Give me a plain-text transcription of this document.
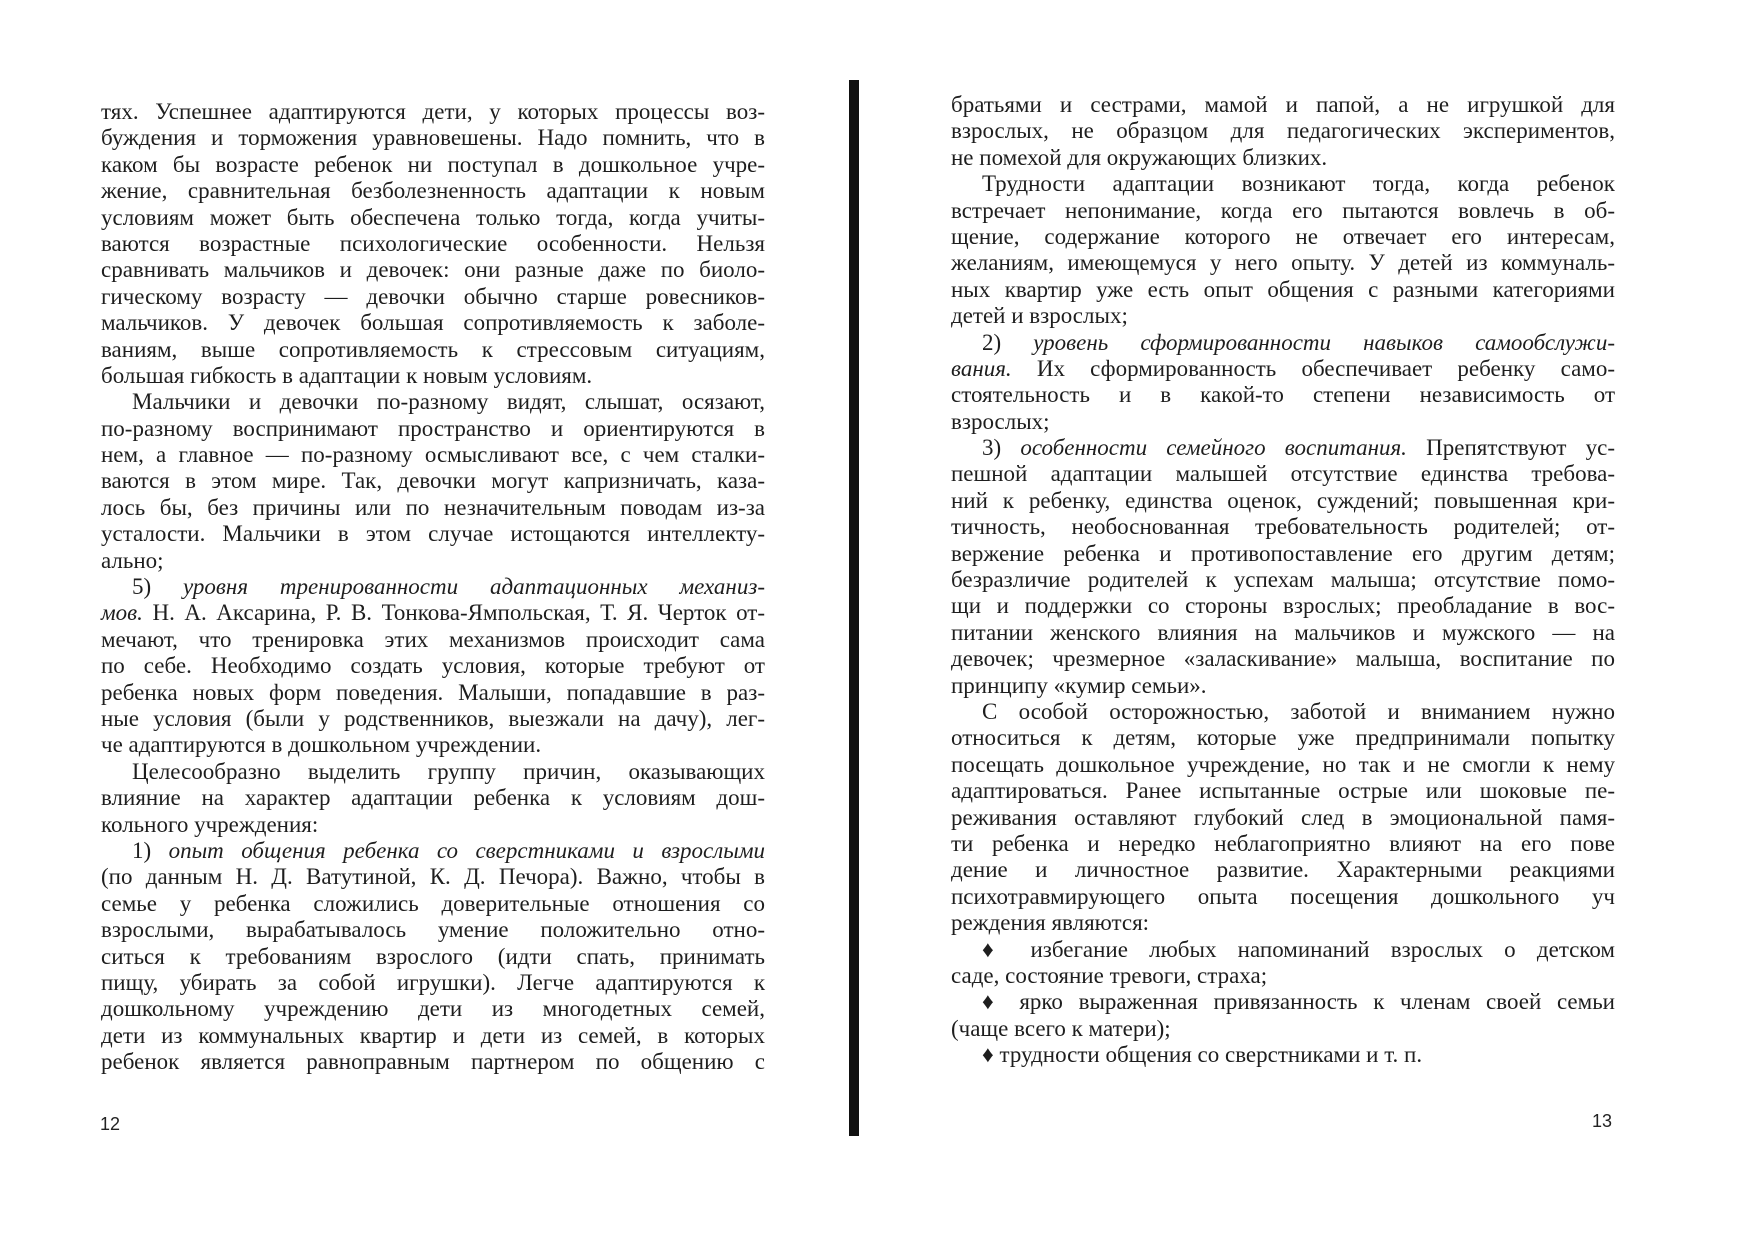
тях. Успешнее адаптируются дети, у которых процессы воз-
буждения и торможения уравновешены. Надо помнить, что в
каком бы возрасте ребенок ни поступал в дошкольное учре-
жение, сравнительная безболезненность адаптации к новым
условиям может быть обеспечена только тогда, когда учиты-
ваются возрастные психологические особенности. Нельзя
сравнивать мальчиков и девочек: они разные даже по биоло-
гическому возрасту — девочки обычно старше ровесников-
мальчиков. У девочек большая сопротивляемость к заболе-
ваниям, выше сопротивляемость к стрессовым ситуациям,
большая гибкость в адаптации к новым условиям.
Мальчики и девочки по-разному видят, слышат, осязают,
по-разному воспринимают пространство и ориентируются в
нем, а главное — по-разному осмысливают все, с чем сталки-
ваются в этом мире. Так, девочки могут капризничать, каза-
лось бы, без причины или по незначительным поводам из-за
усталости. Мальчики в этом случае истощаются интеллекту-
ально;
5) уровня тренированности адаптационных механиз-
мов. Н. А. Аксарина, Р. В. Тонкова-Ямпольская, Т. Я. Черток от-
мечают, что тренировка этих механизмов происходит сама
по себе. Необходимо создать условия, которые требуют от
ребенка новых форм поведения. Малыши, попадавшие в раз-
ные условия (были у родственников, выезжали на дачу), лег-
че адаптируются в дошкольном учреждении.
Целесообразно выделить группу причин, оказывающих
влияние на характер адаптации ребенка к условиям дош-
кольного учреждения:
1) опыт общения ребенка со сверстниками и взрослыми
(по данным Н. Д. Ватутиной, К. Д. Печора). Важно, чтобы в
семье у ребенка сложились доверительные отношения со
взрослыми, вырабатывалось умение положительно отно-
ситься к требованиям взрослого (идти спать, принимать
пищу, убирать за собой игрушки). Легче адаптируются к
дошкольному учреждению дети из многодетных семей,
дети из коммунальных квартир и дети из семей, в которых
ребенок является равноправным партнером по общению с
братьями и сестрами, мамой и папой, а не игрушкой для
взрослых, не образцом для педагогических экспериментов,
не помехой для окружающих близких.
Трудности адаптации возникают тогда, когда ребенок
встречает непонимание, когда его пытаются вовлечь в об-
щение, содержание которого не отвечает его интересам,
желаниям, имеющемуся у него опыту. У детей из коммуналь-
ных квартир уже есть опыт общения с разными категориями
детей и взрослых;
2) уровень сформированности навыков самообслужи-
вания. Их сформированность обеспечивает ребенку само-
стоятельность и в какой-то степени независимость от
взрослых;
3) особенности семейного воспитания. Препятствуют ус-
пешной адаптации малышей отсутствие единства требова-
ний к ребенку, единства оценок, суждений; повышенная кри-
тичность, необоснованная требовательность родителей; от-
вержение ребенка и противопоставление его другим детям;
безразличие родителей к успехам малыша; отсутствие помо-
щи и поддержки со стороны взрослых; преобладание в вос-
питании женского влияния на мальчиков и мужского — на
девочек; чрезмерное «заласкивание» малыша, воспитание по
принципу «кумир семьи».
С особой осторожностью, заботой и вниманием нужно
относиться к детям, которые уже предпринимали попытку
посещать дошкольное учреждение, но так и не смогли к нему
адаптироваться. Ранее испытанные острые или шоковые пе-
реживания оставляют глубокий след в эмоциональной памя-
ти ребенка и нередко неблагоприятно влияют на его пове
дение и личностное развитие. Характерными реакциями
психотравмирующего опыта посещения дошкольного уч
реждения являются:
♦ избегание любых напоминаний взрослых о детском
саде, состояние тревоги, страха;
♦ ярко выраженная привязанность к членам своей семьи
(чаще всего к матери);
♦ трудности общения со сверстниками и т. п.
12	13
